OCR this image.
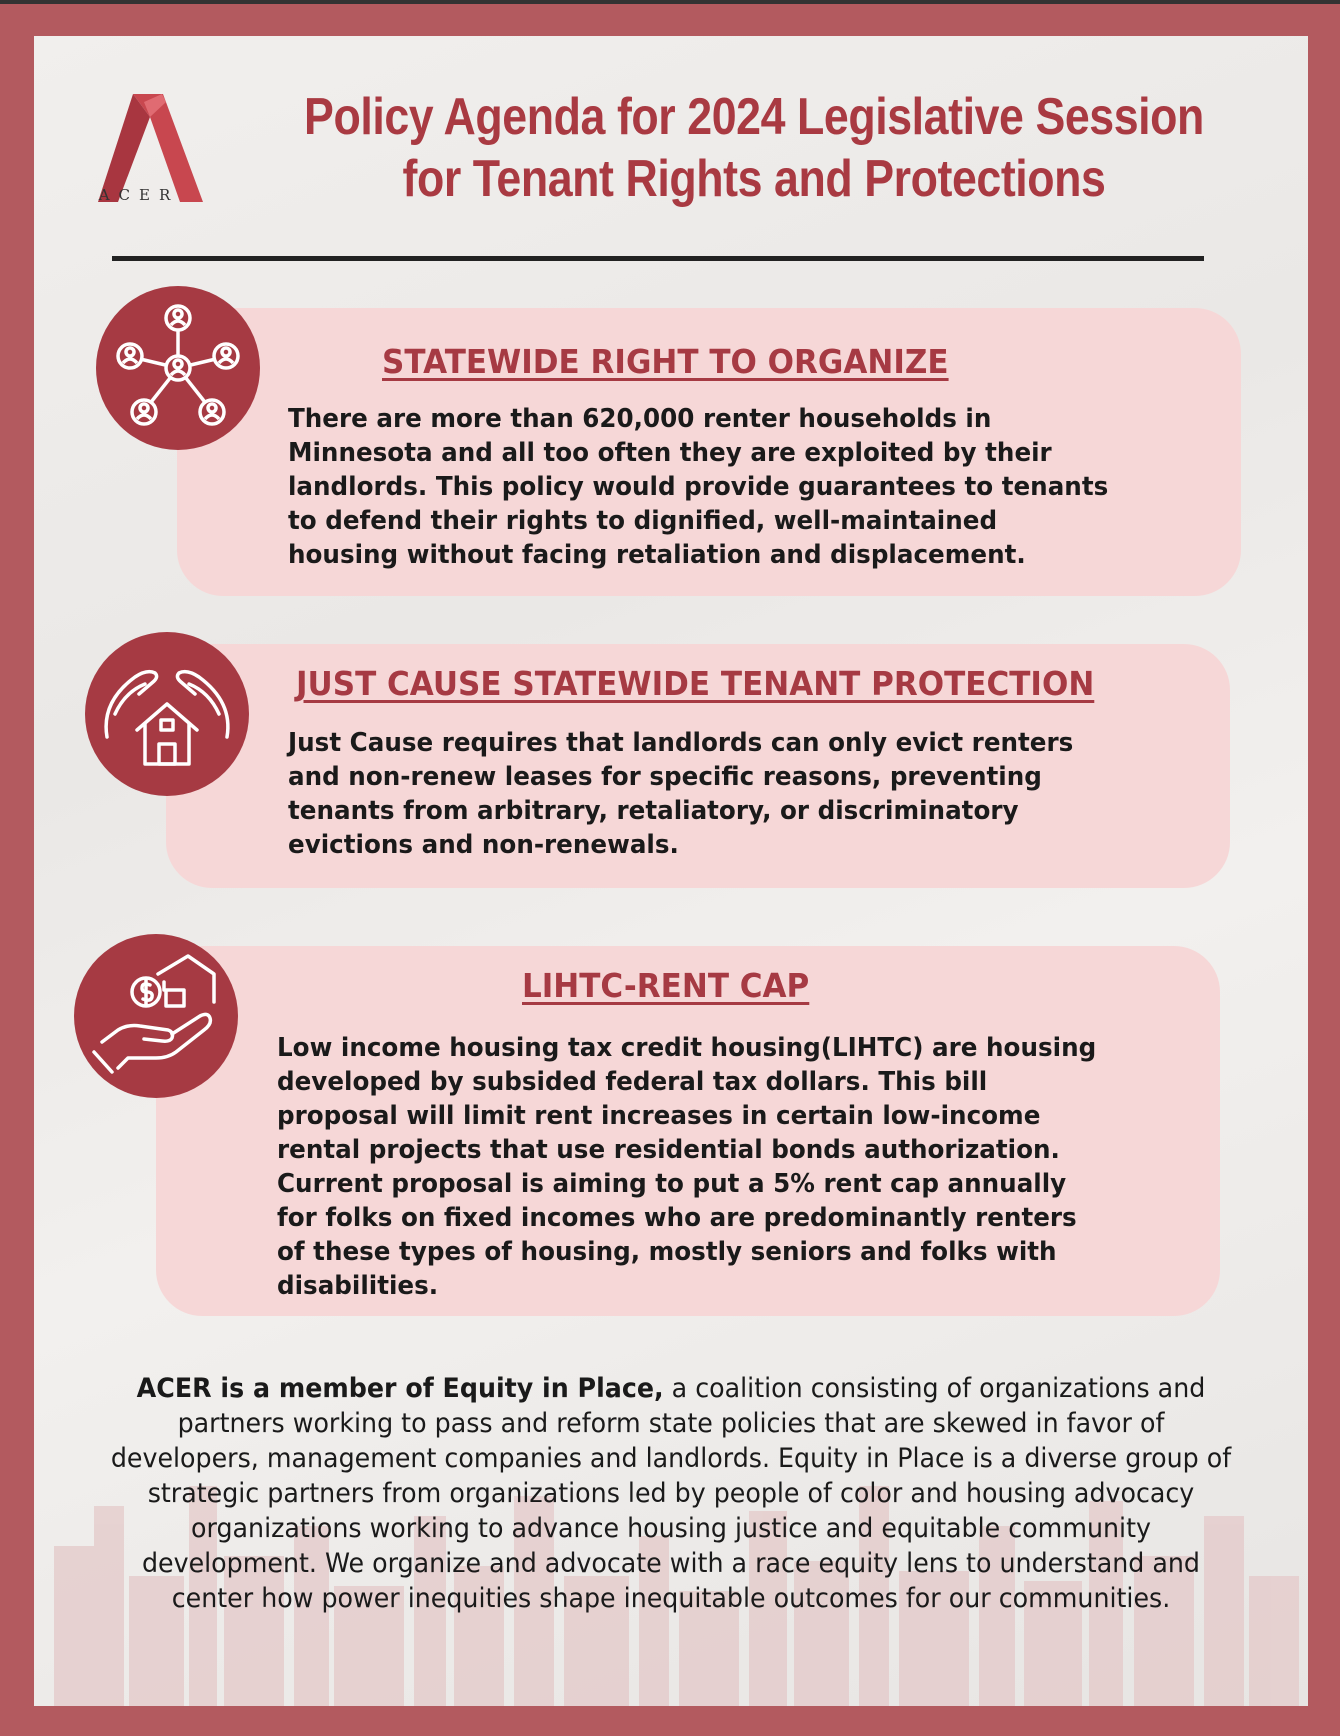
ACER
Policy Agenda for 2024 Legislative Session
for Tenant Rights and Protections
STATEWIDE RIGHT TO ORGANIZE
There are more than 620,000 renter households in Minnesota and all too often they are exploited by their landlords. This policy would provide guarantees to tenants to defend their rights to dignified, well-maintained housing without facing retaliation and displacement.
JUST CAUSE STATEWIDE TENANT PROTECTION
Just Cause requires that landlords can only evict renters and non-renew leases for specific reasons, preventing tenants from arbitrary, retaliatory, or discriminatory evictions and non-renewals.
LIHTC-RENT CAP
Low income housing tax credit housing(LIHTC) are housing developed by subsided federal tax dollars. This bill proposal will limit rent increases in certain low-income rental projects that use residential bonds authorization. Current proposal is aiming to put a 5% rent cap annually for folks on fixed incomes who are predominantly renters of these types of housing, mostly seniors and folks with disabilities.
ACER is a member of Equity in Place, a coalition consisting of organizations and partners working to pass and reform state policies that are skewed in favor of developers, management companies and landlords. Equity in Place is a diverse group of strategic partners from organizations led by people of color and housing advocacy organizations working to advance housing justice and equitable community development. We organize and advocate with a race equity lens to understand and center how power inequities shape inequitable outcomes for our communities.
